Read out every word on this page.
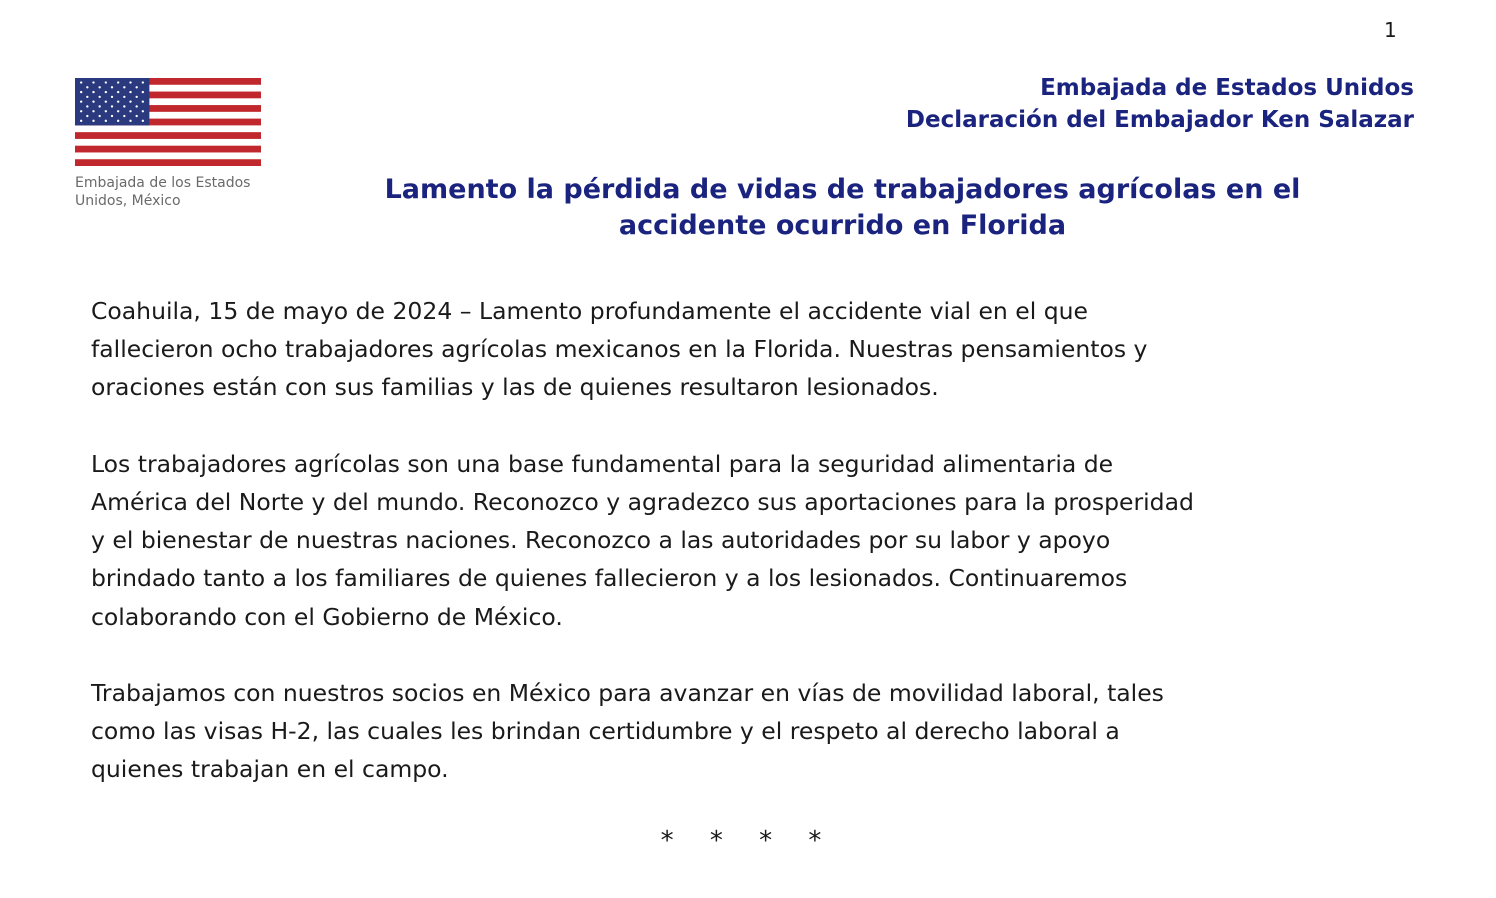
1
Embajada de los Estados
Unidos, México
Embajada de Estados Unidos
Declaración del Embajador Ken Salazar
Lamento la pérdida de vidas de trabajadores agrícolas en el
accidente ocurrido en Florida

Coahuila, 15 de mayo de 2024 – Lamento profundamente el accidente vial en el que
fallecieron ocho trabajadores agrícolas mexicanos en la Florida. Nuestras pensamientos y
oraciones están con sus familias y las de quienes resultaron lesionados.

Los trabajadores agrícolas son una base fundamental para la seguridad alimentaria de
América del Norte y del mundo. Reconozco y agradezco sus aportaciones para la prosperidad
y el bienestar de nuestras naciones. Reconozco a las autoridades por su labor y apoyo
brindado tanto a los familiares de quienes fallecieron y a los lesionados. Continuaremos
colaborando con el Gobierno de México.

Trabajamos con nuestros socios en México para avanzar en vías de movilidad laboral, tales
como las visas H-2, las cuales les brindan certidumbre y el respeto al derecho laboral a
quienes trabajan en el campo.

* * * *
